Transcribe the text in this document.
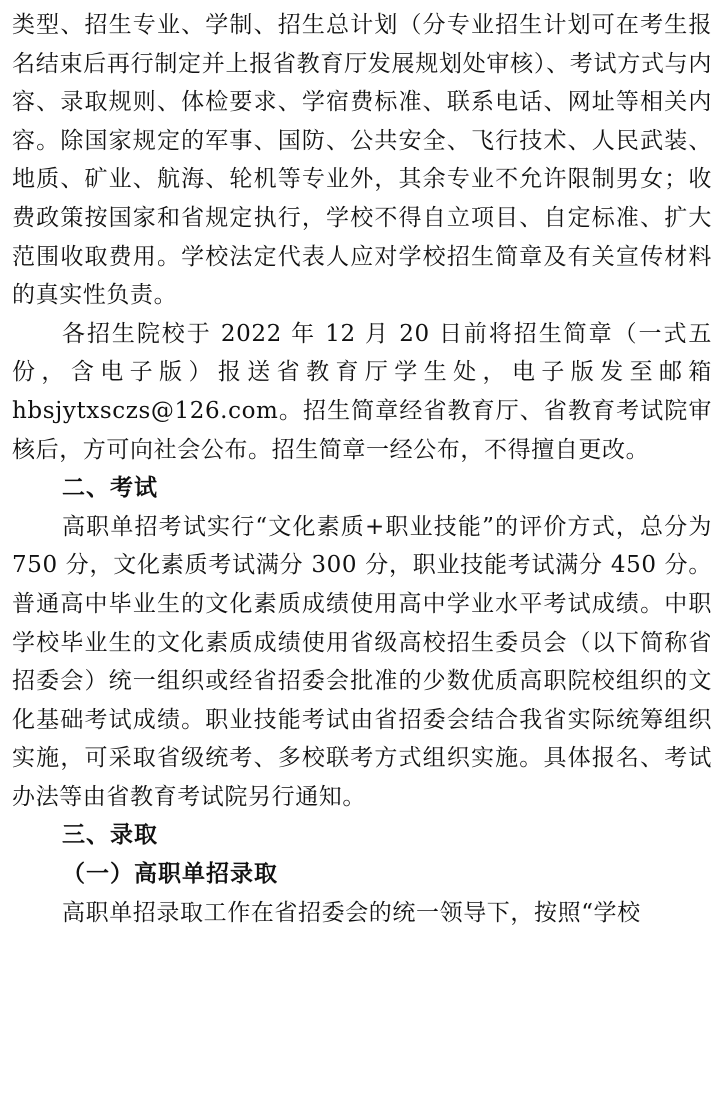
类型、招生专业、学制、招生总计划（分专业招生计划可在考生报名结束后再行制定并上报省教育厅发展规划处审核）、考试方式与内容、录取规则、体检要求、学宿费标准、联系电话、网址等相关内容。除国家规定的军事、国防、公共安全、飞行技术、人民武装、地质、矿业、航海、轮机等专业外，其余专业不允许限制男女；收费政策按国家和省规定执行，学校不得自立项目、自定标准、扩大范围收取费用。学校法定代表人应对学校招生简章及有关宣传材料的真实性负责。

各招生院校于 2022 年 12 月 20 日前将招生简章（一式五份，含电子版）报送省教育厅学生处，电子版发至邮箱 hbsjytxsczs@126.com。招生简章经省教育厅、省教育考试院审核后，方可向社会公布。招生简章一经公布，不得擅自更改。

二、考试

高职单招考试实行“文化素质+职业技能”的评价方式，总分为 750 分，文化素质考试满分 300 分，职业技能考试满分 450 分。普通高中毕业生的文化素质成绩使用高中学业水平考试成绩。中职学校毕业生的文化素质成绩使用省级高校招生委员会（以下简称省招委会）统一组织或经省招委会批准的少数优质高职院校组织的文化基础考试成绩。职业技能考试由省招委会结合我省实际统筹组织实施，可采取省级统考、多校联考方式组织实施。具体报名、考试办法等由省教育考试院另行通知。

三、录取

（一）高职单招录取

高职单招录取工作在省招委会的统一领导下，按照“学校
